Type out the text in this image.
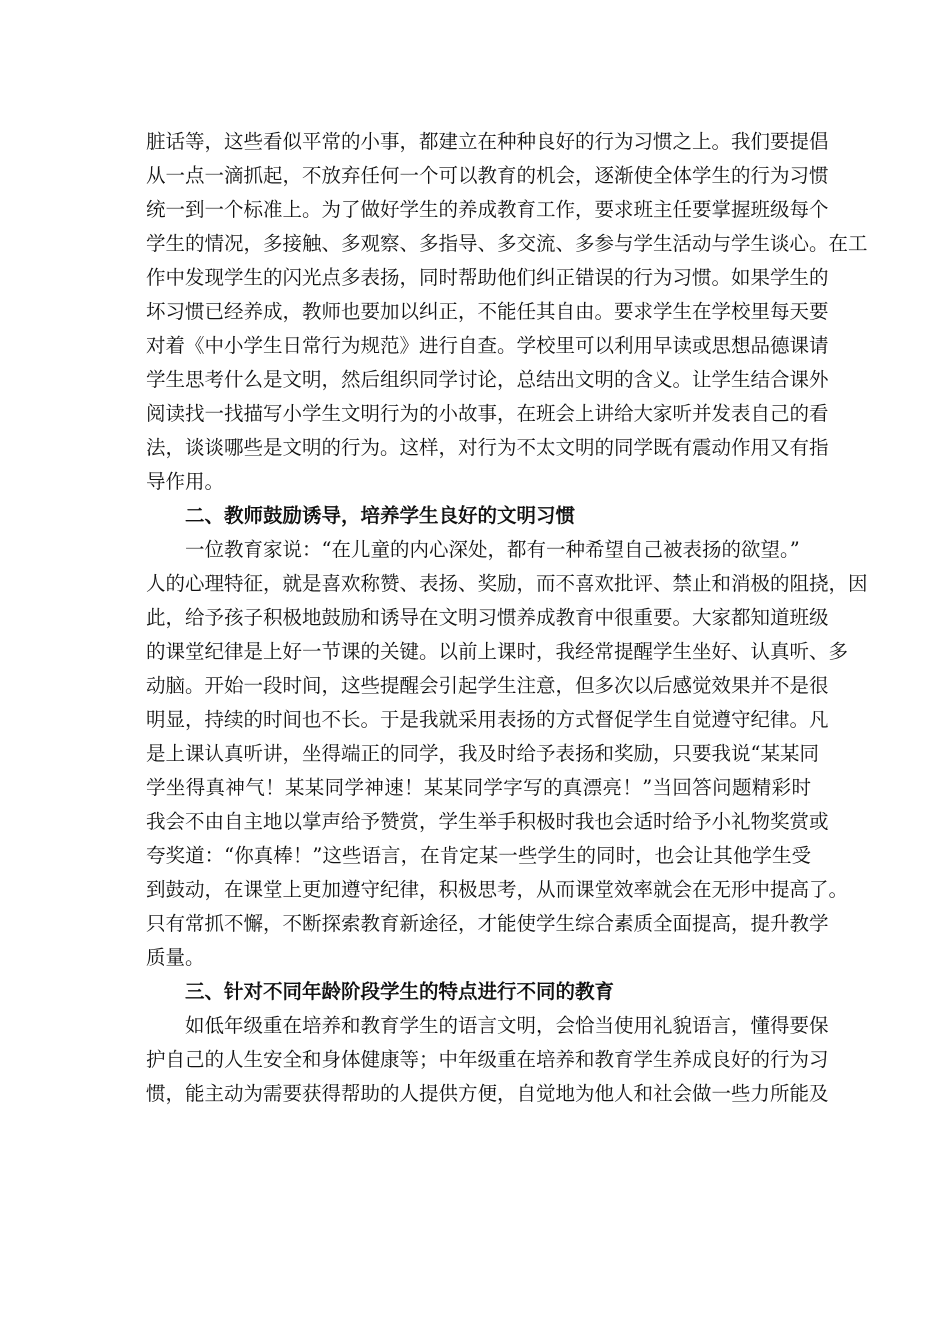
脏话等，这些看似平常的小事，都建立在种种良好的行为习惯之上。我们要提倡
从一点一滴抓起，不放弃任何一个可以教育的机会，逐渐使全体学生的行为习惯
统一到一个标准上。为了做好学生的养成教育工作，要求班主任要掌握班级每个
学生的情况，多接触、多观察、多指导、多交流、多参与学生活动与学生谈心。在工
作中发现学生的闪光点多表扬，同时帮助他们纠正错误的行为习惯。如果学生的
坏习惯已经养成，教师也要加以纠正，不能任其自由。要求学生在学校里每天要
对着《中小学生日常行为规范》进行自查。学校里可以利用早读或思想品德课请
学生思考什么是文明，然后组织同学讨论，总结出文明的含义。让学生结合课外
阅读找一找描写小学生文明行为的小故事，在班会上讲给大家听并发表自己的看
法，谈谈哪些是文明的行为。这样，对行为不太文明的同学既有震动作用又有指
导作用。
二、教师鼓励诱导，培养学生良好的文明习惯
一位教育家说：“在儿童的内心深处，都有一种希望自己被表扬的欲望。”
人的心理特征，就是喜欢称赞、表扬、奖励，而不喜欢批评、禁止和消极的阻挠，因
此，给予孩子积极地鼓励和诱导在文明习惯养成教育中很重要。大家都知道班级
的课堂纪律是上好一节课的关键。以前上课时，我经常提醒学生坐好、认真听、多
动脑。开始一段时间，这些提醒会引起学生注意，但多次以后感觉效果并不是很
明显，持续的时间也不长。于是我就采用表扬的方式督促学生自觉遵守纪律。凡
是上课认真听讲，坐得端正的同学，我及时给予表扬和奖励，只要我说“某某同
学坐得真神气！某某同学神速！某某同学字写的真漂亮！”当回答问题精彩时
我会不由自主地以掌声给予赞赏，学生举手积极时我也会适时给予小礼物奖赏或
夸奖道：“你真棒！”这些语言，在肯定某一些学生的同时，也会让其他学生受
到鼓动，在课堂上更加遵守纪律，积极思考，从而课堂效率就会在无形中提高了。
只有常抓不懈，不断探索教育新途径，才能使学生综合素质全面提高，提升教学
质量。
三、针对不同年龄阶段学生的特点进行不同的教育
如低年级重在培养和教育学生的语言文明，会恰当使用礼貌语言，懂得要保
护自己的人生安全和身体健康等；中年级重在培养和教育学生养成良好的行为习
惯，能主动为需要获得帮助的人提供方便，自觉地为他人和社会做一些力所能及
